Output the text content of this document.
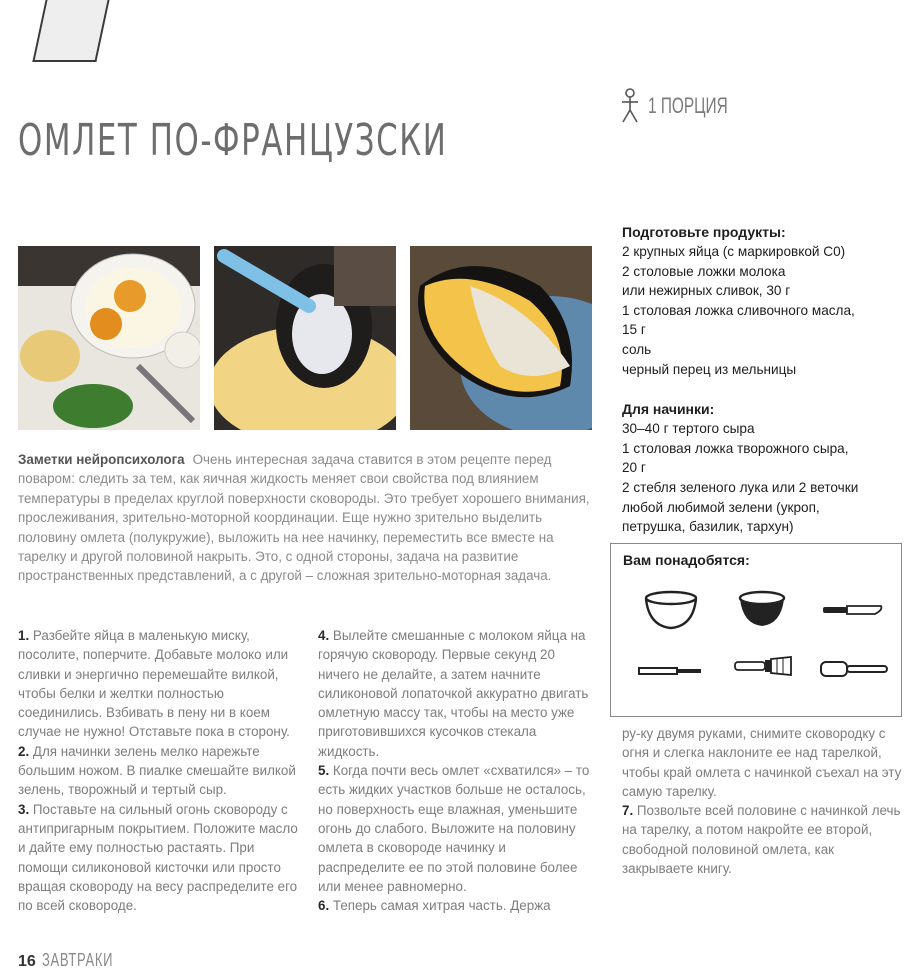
ОМЛЕТ ПО-ФРАНЦУЗСКИ
1 ПОРЦИЯ
Подготовьте продукты:
2 крупных яйца (с маркировкой С0)
2 столовые ложки молока
или нежирных сливок, 30 г
1 столовая ложка сливочного масла,
15 г
соль
черный перец из мельницы
Для начинки:
30–40 г тертого сыра
1 столовая ложка творожного сыра,
20 г
2 стебля зеленого лука или 2 веточки
любой любимой зелени (укроп,
петрушка, базилик, тархун)
Вам понадобятся:
Заметки нейропсихолога Очень интересная задача ставится в этом рецепте перед поваром: следить за тем, как яичная жидкость меняет свои свойства под влиянием температуры в пределах круглой поверхности сковороды. Это требует хорошего внимания, прослеживания, зрительно-моторной координации. Еще нужно зрительно выделить половину омлета (полукружие), выложить на нее начинку, переместить все вместе на тарелку и другой половиной накрыть. Это, с одной стороны, задача на развитие пространственных представлений, а с другой – сложная зрительно-моторная задача.
1. Разбейте яйца в маленькую миску, посолите, поперчите. Добавьте молоко или сливки и энергично перемешайте вилкой, чтобы белки и желтки полностью соединились. Взбивать в пену ни в коем случае не нужно! Отставьте пока в сторону.
2. Для начинки зелень мелко нарежьте большим ножом. В пиалке смешайте вилкой зелень, творожный и тертый сыр.
3. Поставьте на сильный огонь сковороду с антипригарным покрытием. Положите масло и дайте ему полностью растаять. При помощи силиконовой кисточки или просто вращая сковороду на весу распределите его по всей сковороде.
4. Вылейте смешанные с молоком яйца на горячую сковороду. Первые секунд 20 ничего не делайте, а затем начните силиконовой лопаточкой аккуратно двигать омлетную массу так, чтобы на место уже приготовившихся кусочков стекала жидкость.
5. Когда почти весь омлет «схватился» – то есть жидких участков больше не осталось, но поверхность еще влажная, уменьшите огонь до слабого. Выложите на половину омлета в сковороде начинку и распределите ее по этой половине более или менее равномерно.
6. Теперь самая хитрая часть. Держа
ру-ку двумя руками, снимите сковородку с огня и слегка наклоните ее над тарелкой, чтобы край омлета с начинкой съехал на эту самую тарелку.
7. Позвольте всей половине с начинкой лечь на тарелку, а потом накройте ее второй, свободной половиной омлета, как закрываете книгу.
16 ЗАВТРАКИ
